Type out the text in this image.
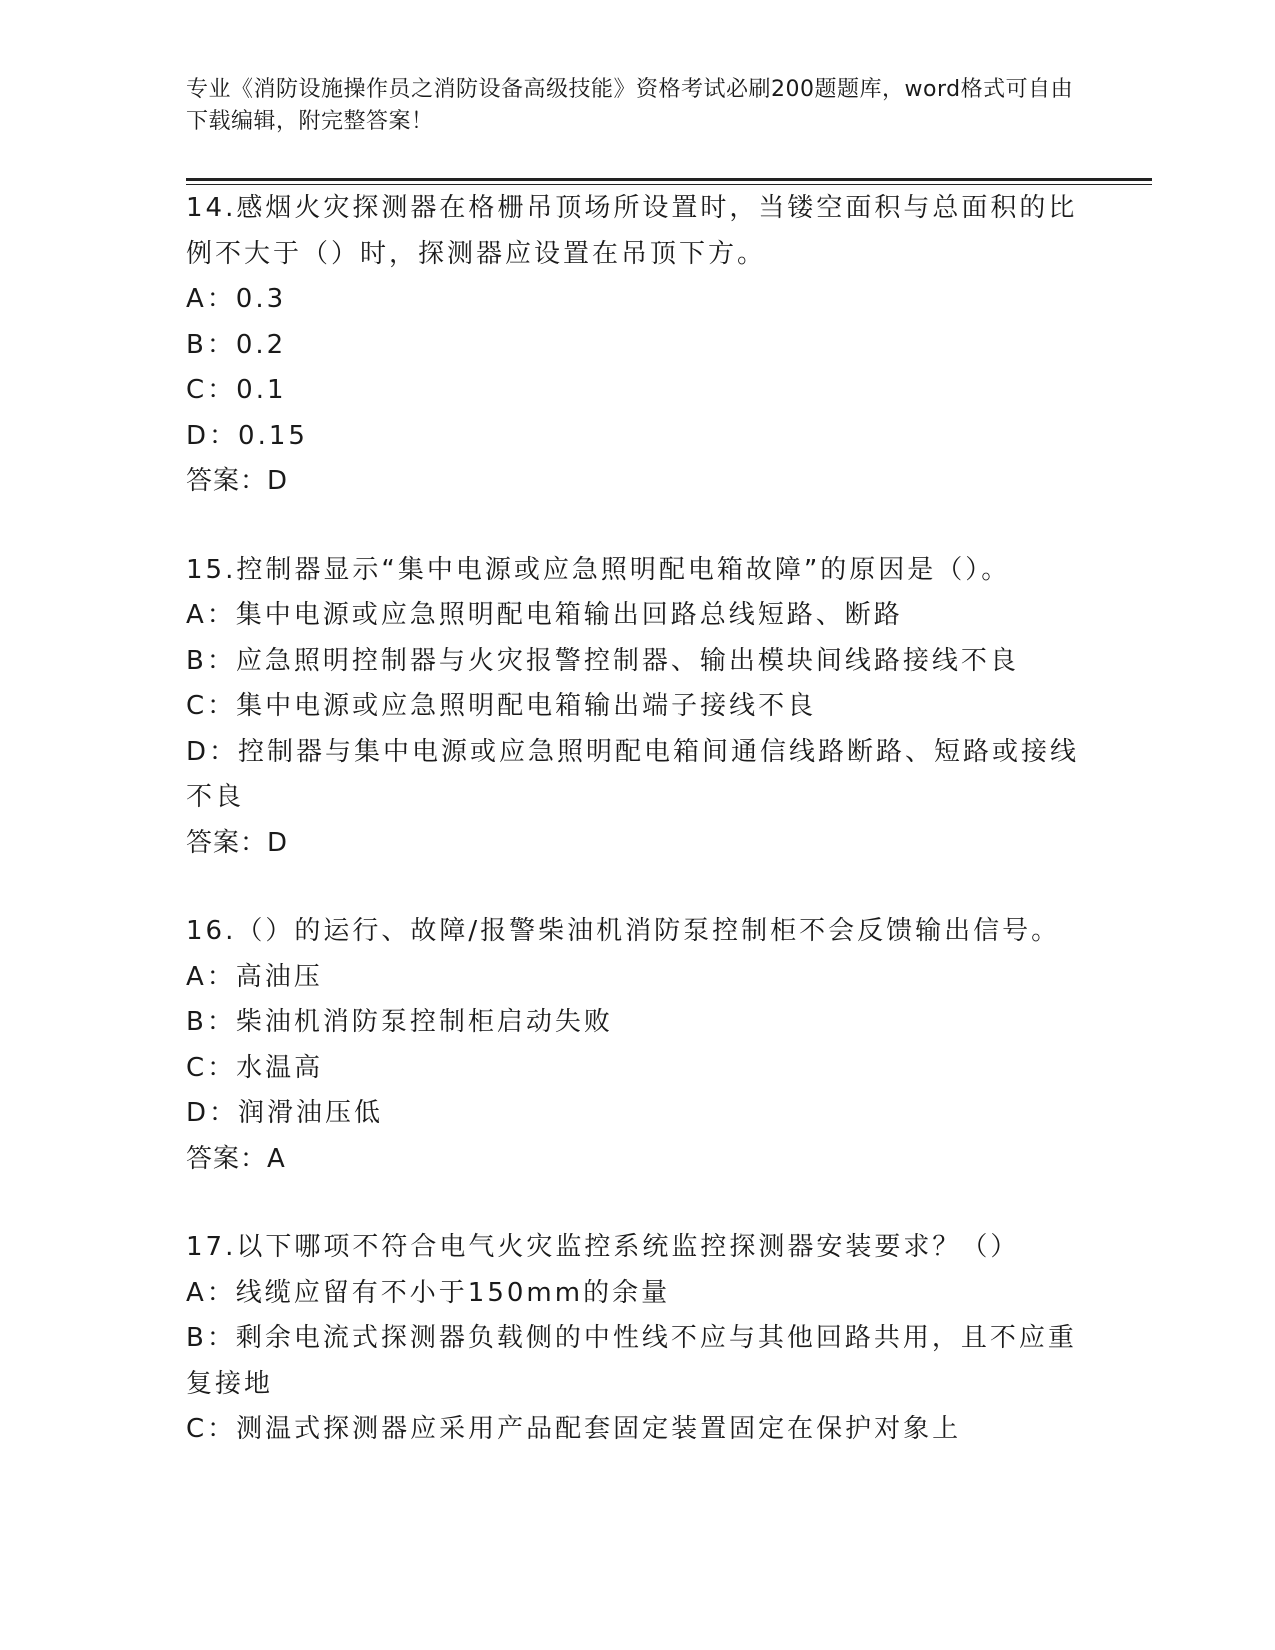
专业《消防设施操作员之消防设备高级技能》资格考试必刷200题题库，word格式可自由下载编辑，附完整答案！
14.感烟火灾探测器在格栅吊顶场所设置时，当镂空面积与总面积的比例不大于（）时，探测器应设置在吊顶下方。
A：0.3
B：0.2
C：0.1
D：0.15
答案：D
15.控制器显示“集中电源或应急照明配电箱故障”的原因是（）。
A：集中电源或应急照明配电箱输出回路总线短路、断路
B：应急照明控制器与火灾报警控制器、输出模块间线路接线不良
C：集中电源或应急照明配电箱输出端子接线不良
D：控制器与集中电源或应急照明配电箱间通信线路断路、短路或接线不良
答案：D
16.（）的运行、故障/报警柴油机消防泵控制柜不会反馈输出信号。
A：高油压
B：柴油机消防泵控制柜启动失败
C：水温高
D：润滑油压低
答案：A
17.以下哪项不符合电气火灾监控系统监控探测器安装要求？（）
A：线缆应留有不小于150mm的余量
B：剩余电流式探测器负载侧的中性线不应与其他回路共用，且不应重复接地
C：测温式探测器应采用产品配套固定装置固定在保护对象上
